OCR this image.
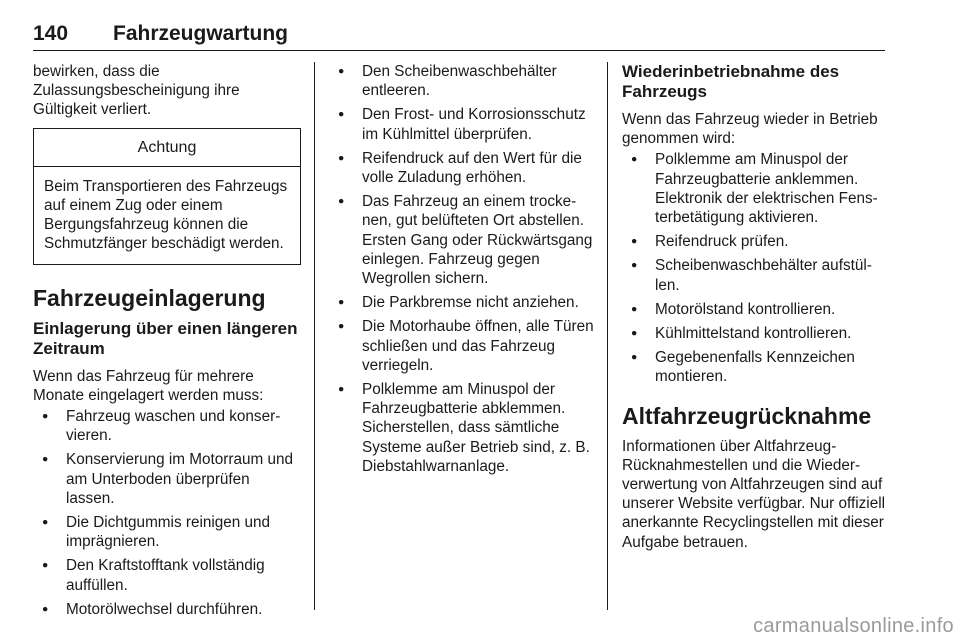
140 Fahrzeugwartung

bewirken, dass die Zulassungsbescheinigung ihre Gültigkeit verliert.

Achtung
Beim Transportieren des Fahrzeugs auf einem Zug oder einem Bergungsfahrzeug können die Schmutzfänger beschädigt werden.
Fahrzeugeinlagerung
Einlagerung über einen längeren Zeitraum

Wenn das Fahrzeug für mehrere Monate eingelagert werden muss:

● Fahrzeug waschen und konservieren.
● Konservierung im Motorraum und am Unterboden überprüfen lassen.
● Die Dichtgummis reinigen und imprägnieren.
● Den Kraftstofftank vollständig auffüllen.
● Motorölwechsel durchführen.
● Den Scheibenwaschbehälter entleeren.
● Den Frost- und Korrosionsschutz im Kühlmittel überprüfen.
● Reifendruck auf den Wert für die volle Zuladung erhöhen.
● Das Fahrzeug an einem trockenen, gut belüfteten Ort abstellen. Ersten Gang oder Rückwärtsgang einlegen. Fahrzeug gegen Wegrollen sichern.
● Die Parkbremse nicht anziehen.
● Die Motorhaube öffnen, alle Türen schließen und das Fahrzeug verriegeln.
● Polklemme am Minuspol der Fahrzeugbatterie abklemmen. Sicherstellen, dass sämtliche Systeme außer Betrieb sind, z. B. Diebstahlwarnanlage.
Wiederinbetriebnahme des Fahrzeugs

Wenn das Fahrzeug wieder in Betrieb genommen wird:

● Polklemme am Minuspol der Fahrzeugbatterie anklemmen. Elektronik der elektrischen Fensterbetätigung aktivieren.
● Reifendruck prüfen.
● Scheibenwaschbehälter aufstüllen.
● Motorölstand kontrollieren.
● Kühlmittelstand kontrollieren.
● Gegebenenfalls Kennzeichen montieren.
Altfahrzeugrücknahme

Informationen über Altfahrzeug-Rücknahmestellen und die Wiederverwertung von Altfahrzeugen sind auf unserer Website verfügbar. Nur offiziell anerkannte Recyclingstellen mit dieser Aufgabe betrauen.

carmanualsonline.info
